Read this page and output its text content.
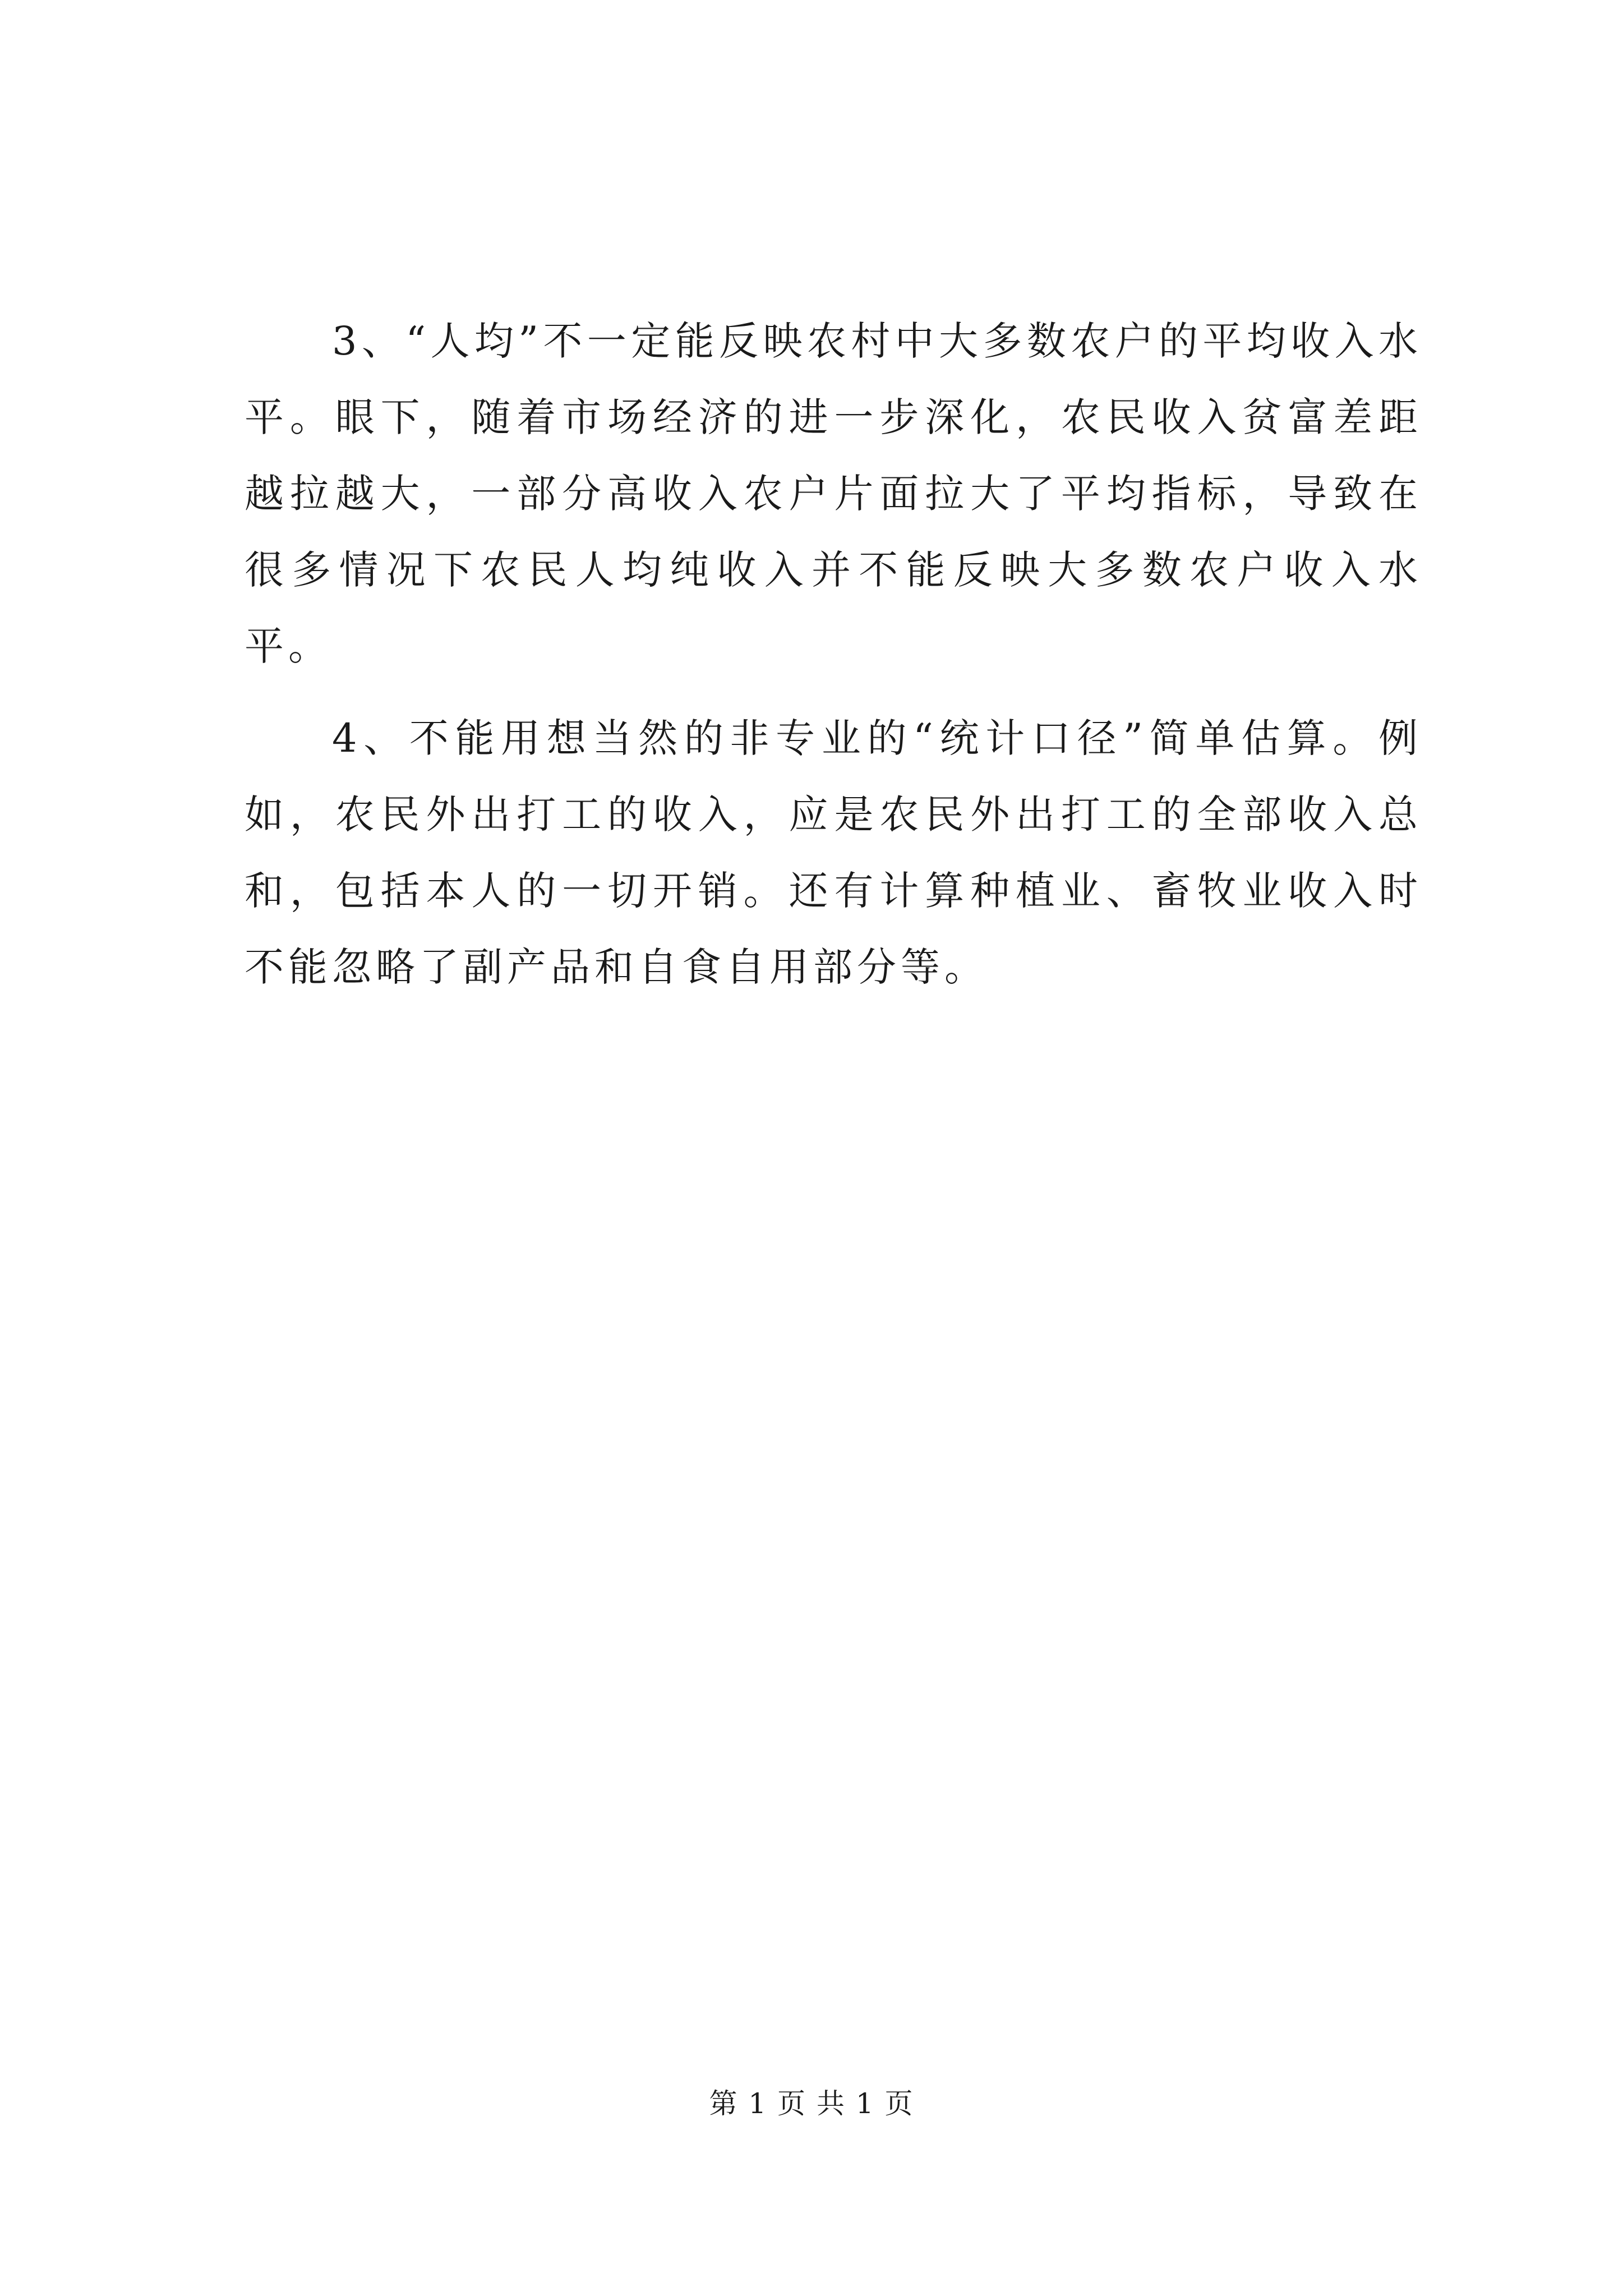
3、“人均”不一定能反映农村中大多数农户的平均收入水平。眼下，随着市场经济的进一步深化，农民收入贫富差距越拉越大，一部分高收入农户片面拉大了平均指标，导致在很多情况下农民人均纯收入并不能反映大多数农户收入水平。

4、不能用想当然的非专业的“统计口径”简单估算。例如，农民外出打工的收入，应是农民外出打工的全部收入总和，包括本人的一切开销。还有计算种植业、畜牧业收入时不能忽略了副产品和自食自用部分等。

第 1 页 共 1 页
